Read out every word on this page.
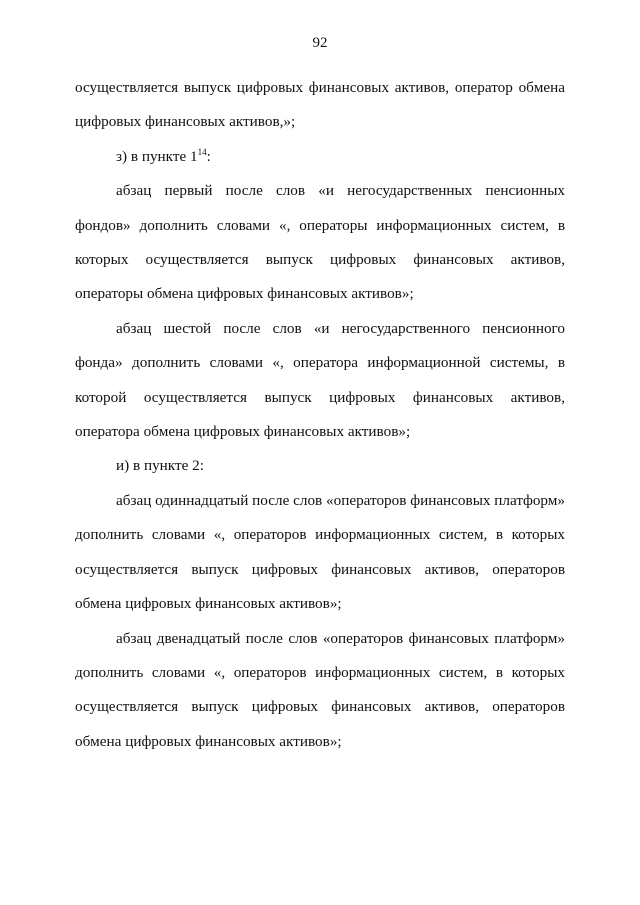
92

осуществляется выпуск цифровых финансовых активов, оператор обмена цифровых финансовых активов,»;

з) в пункте $1^{14}$:

абзац первый после слов «и негосударственных пенсионных фондов» дополнить словами «, операторы информационных систем, в которых осуществляется выпуск цифровых финансовых активов, операторы обмена цифровых финансовых активов»;

абзац шестой после слов «и негосударственного пенсионного фонда» дополнить словами «, оператора информационной системы, в которой осуществляется выпуск цифровых финансовых активов, оператора обмена цифровых финансовых активов»;

и) в пункте 2:

абзац одиннадцатый после слов «операторов финансовых платформ» дополнить словами «, операторов информационных систем, в которых осуществляется выпуск цифровых финансовых активов, операторов обмена цифровых финансовых активов»;

абзац двенадцатый после слов «операторов финансовых платформ» дополнить словами «, операторов информационных систем, в которых осуществляется выпуск цифровых финансовых активов, операторов обмена цифровых финансовых активов»;
